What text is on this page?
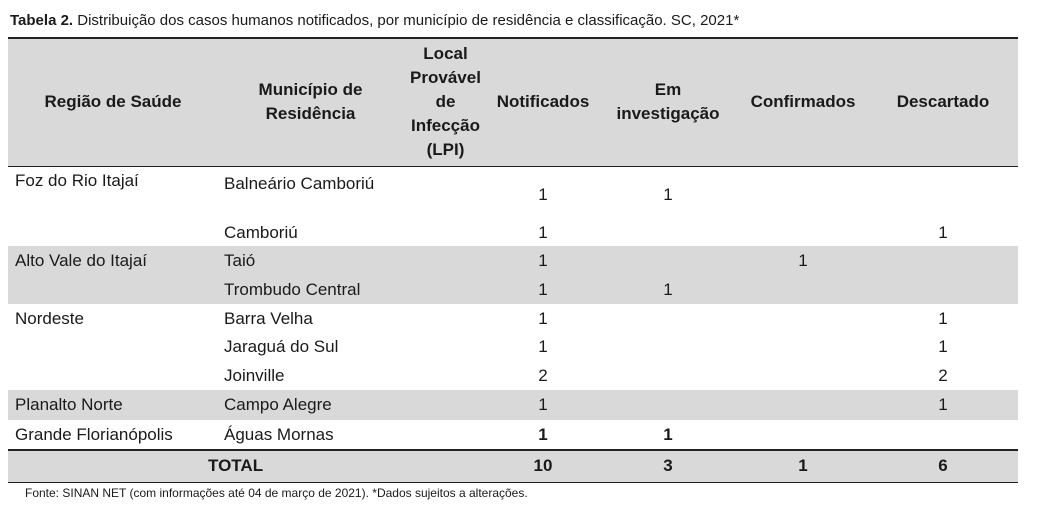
Tabela 2. Distribuição dos casos humanos notificados, por município de residência e classificação. SC, 2021*
Região de Saúde	Município de Residência	Local Provável de Infecção (LPI)	Notificados	Em investigação	Confirmados	Descartado
Foz do Rio Itajaí	Balneário Camboriú		1	1		
	Camboriú		1			1
Alto Vale do Itajaí	Taió		1		1	
	Trombudo Central		1	1		
Nordeste	Barra Velha		1			1
	Jaraguá do Sul		1			1
	Joinville		2			2
Planalto Norte	Campo Alegre		1			1
Grande Florianópolis	Águas Mornas		1	1		
TOTAL			10	3	1	6
Fonte: SINAN NET (com informações até 04 de março de 2021). *Dados sujeitos a alterações.
